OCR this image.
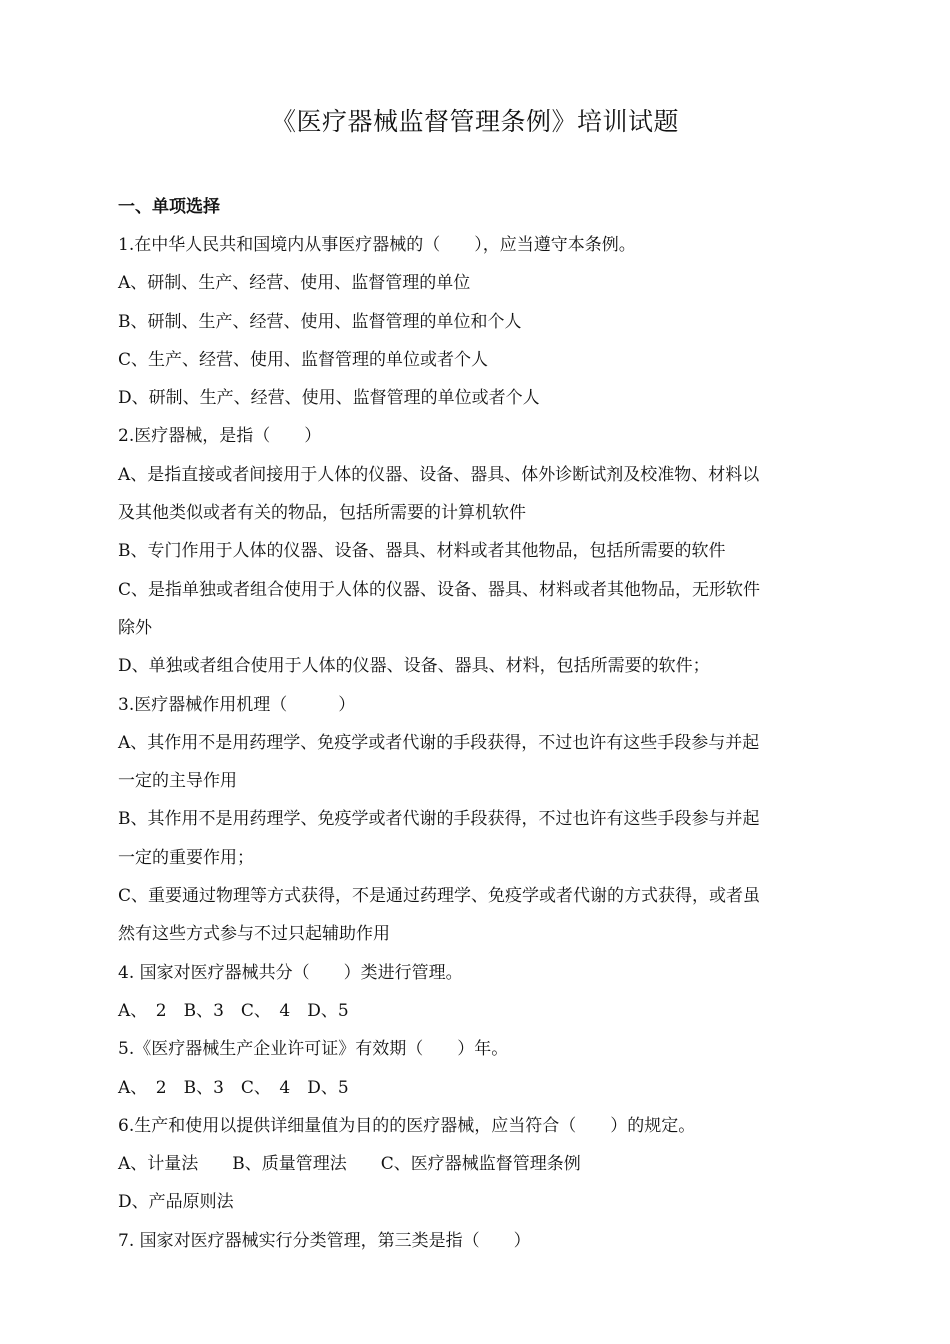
《医疗器械监督管理条例》培训试题
一、单项选择
1.在中华人民共和国境内从事医疗器械的（　　），应当遵守本条例。
A、研制、生产、经营、使用、监督管理的单位
B、研制、生产、经营、使用、监督管理的单位和个人
C、生产、经营、使用、监督管理的单位或者个人
D、研制、生产、经营、使用、监督管理的单位或者个人
2.医疗器械，是指（　　）
A、是指直接或者间接用于人体的仪器、设备、器具、体外诊断试剂及校准物、材料以
及其他类似或者有关的物品，包括所需要的计算机软件
B、专门作用于人体的仪器、设备、器具、材料或者其他物品，包括所需要的软件
C、是指单独或者组合使用于人体的仪器、设备、器具、材料或者其他物品，无形软件
除外
D、单独或者组合使用于人体的仪器、设备、器具、材料，包括所需要的软件；
3.医疗器械作用机理（　　　）
A、其作用不是用药理学、免疫学或者代谢的手段获得，不过也许有这些手段参与并起
一定的主导作用
B、其作用不是用药理学、免疫学或者代谢的手段获得，不过也许有这些手段参与并起
一定的重要作用；
C、重要通过物理等方式获得，不是通过药理学、免疫学或者代谢的方式获得，或者虽
然有这些方式参与不过只起辅助作用
4. 国家对医疗器械共分（　　）类进行管理。
A、　2　B、3　C、　4　D、5
5.《医疗器械生产企业许可证》有效期（　　）年。
A、　2　B、3　C、　4　D、5
6.生产和使用以提供详细量值为目的的医疗器械，应当符合（　　）的规定。
A、计量法　　B、质量管理法　　C、医疗器械监督管理条例
D、产品原则法
7. 国家对医疗器械实行分类管理，第三类是指（　　）
